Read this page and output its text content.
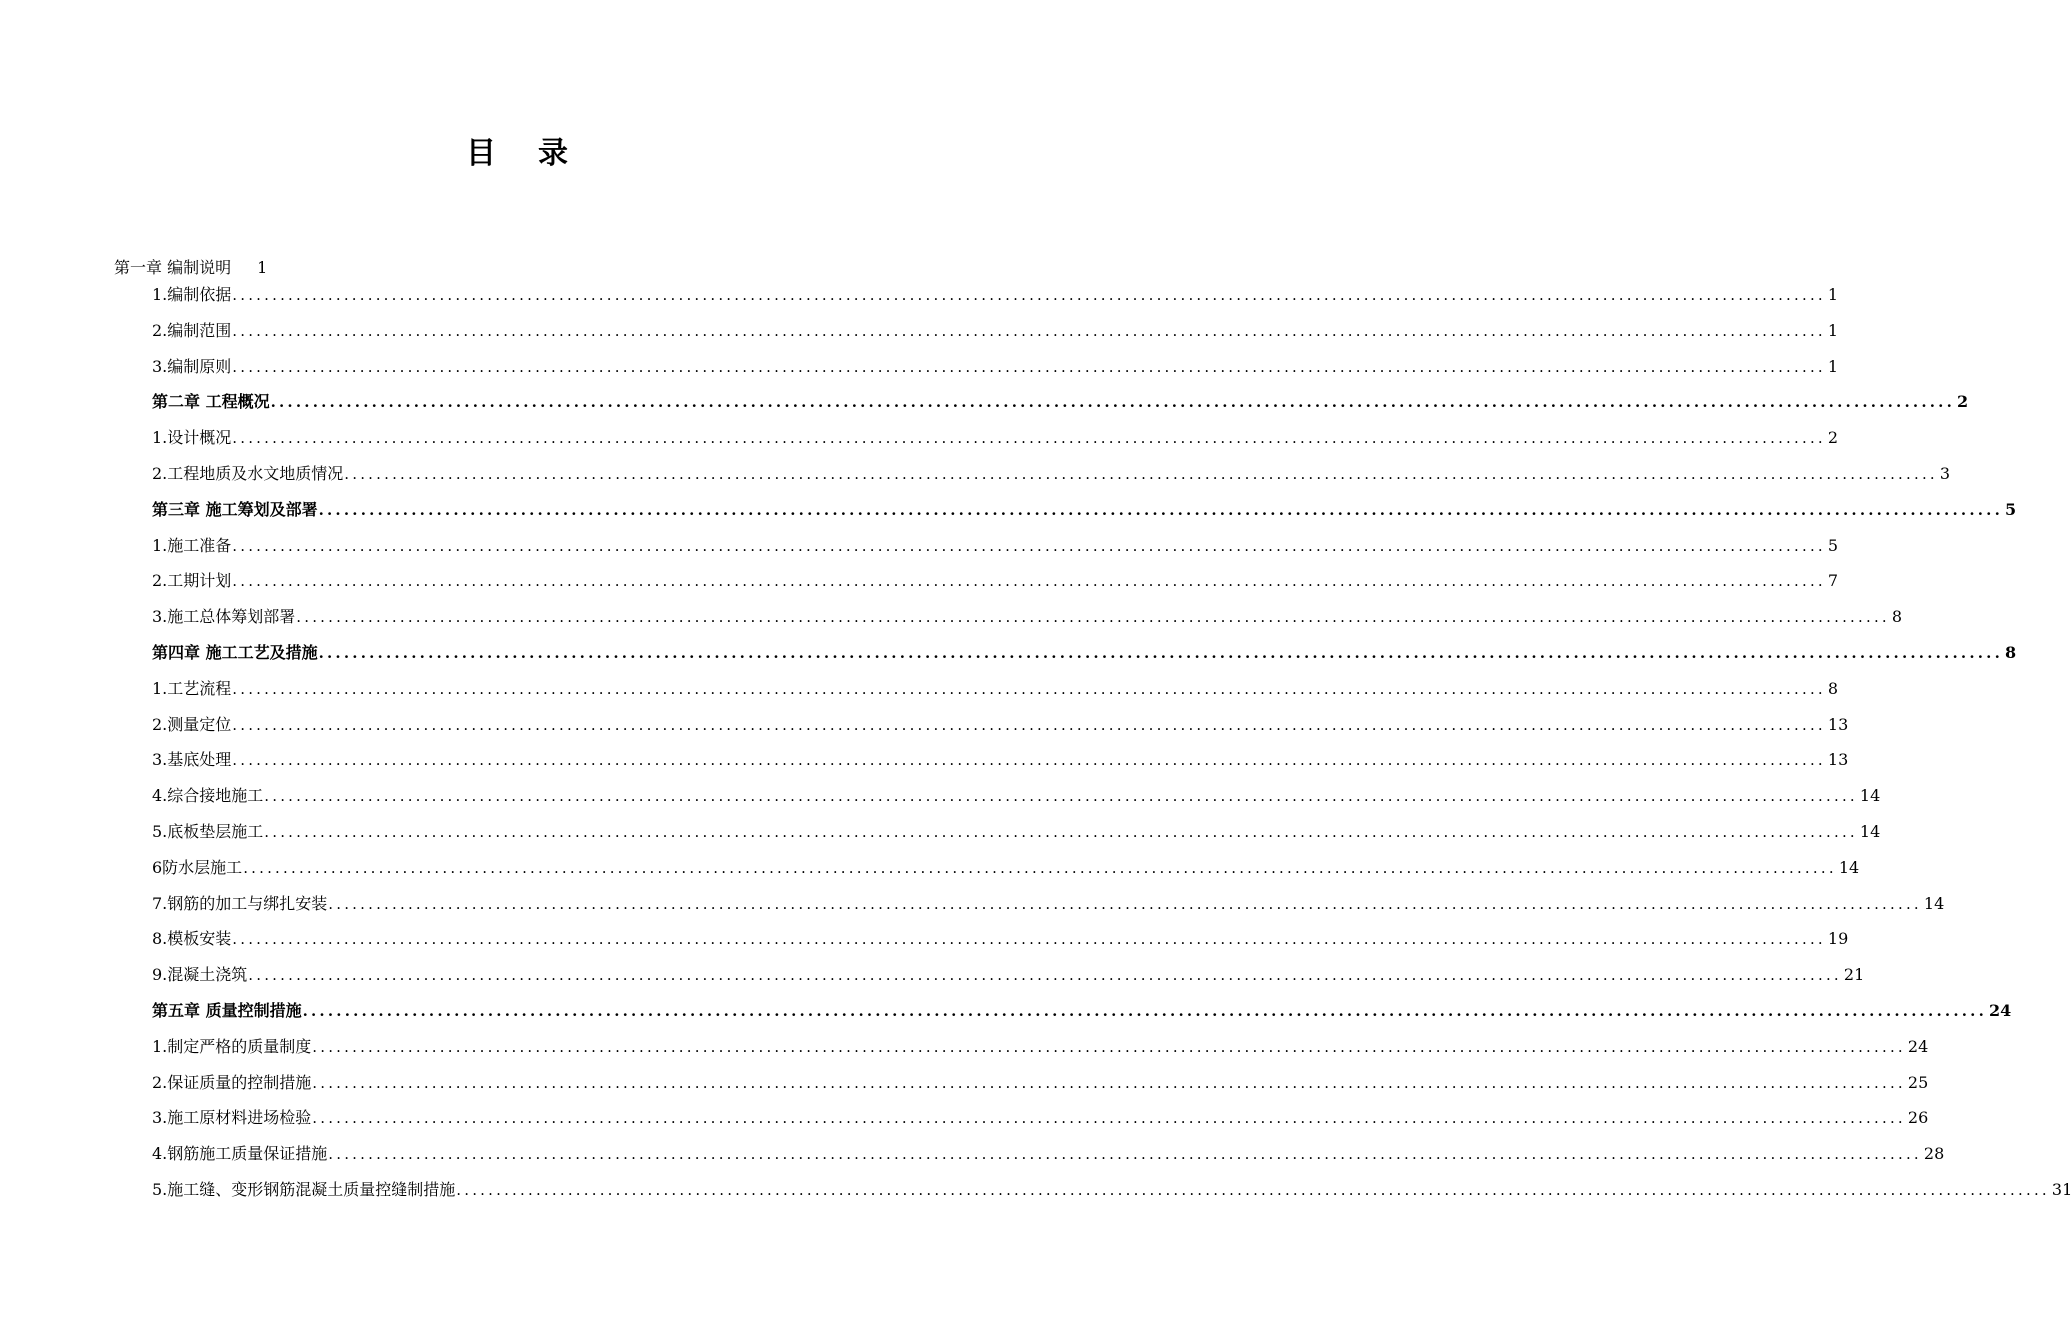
目 录
第一章 编制说明 1
1.编制依据 ........................................................................................................................................................................................................ 1
2.编制范围 ........................................................................................................................................................................................................ 1
3.编制原则 ........................................................................................................................................................................................................ 1
第二章 工程概况 ........................................................................................................................................................................................................ 2
1.设计概况 ........................................................................................................................................................................................................ 2
2.工程地质及水文地质情况 ........................................................................................................................................................................................................ 3
第三章 施工筹划及部署 ........................................................................................................................................................................................................ 5
1.施工准备 ........................................................................................................................................................................................................ 5
2.工期计划 ........................................................................................................................................................................................................ 7
3.施工总体筹划部署 ........................................................................................................................................................................................................ 8
第四章 施工工艺及措施 ........................................................................................................................................................................................................ 8
1.工艺流程 ........................................................................................................................................................................................................ 8
2.测量定位 ........................................................................................................................................................................................................ 13
3.基底处理 ........................................................................................................................................................................................................ 13
4.综合接地施工 ........................................................................................................................................................................................................ 14
5.底板垫层施工 ........................................................................................................................................................................................................ 14
6防水层施工 ........................................................................................................................................................................................................ 14
7.钢筋的加工与绑扎安装 ........................................................................................................................................................................................................ 14
8.模板安装 ........................................................................................................................................................................................................ 19
9.混凝土浇筑 ........................................................................................................................................................................................................ 21
第五章 质量控制措施 ........................................................................................................................................................................................................ 24
1.制定严格的质量制度 ........................................................................................................................................................................................................ 24
2.保证质量的控制措施 ........................................................................................................................................................................................................ 25
3.施工原材料进场检验 ........................................................................................................................................................................................................ 26
4.钢筋施工质量保证措施 ........................................................................................................................................................................................................ 28
5.施工缝、变形钢筋混凝土质量控缝制措施 ........................................................................................................................................................................................................ 31
